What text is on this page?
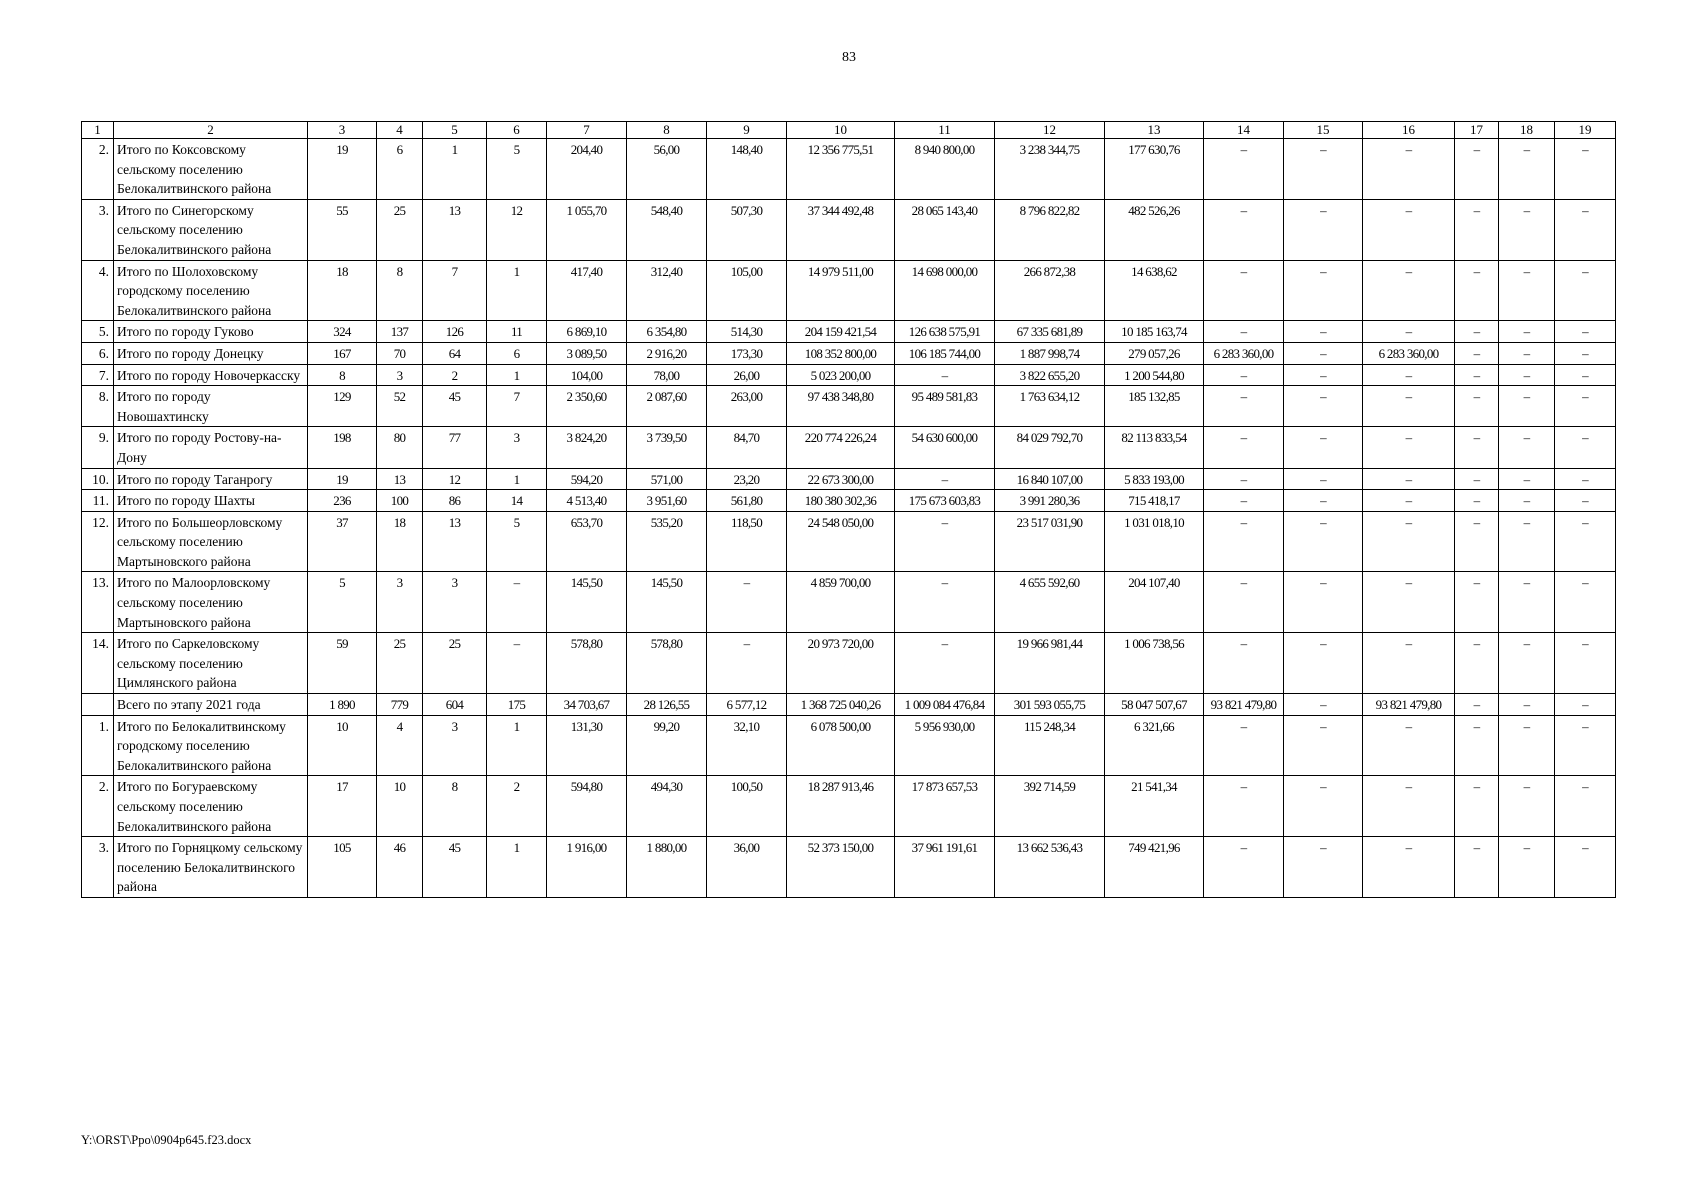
83
1	2	3	4	5	6	7	8	9	10	11	12	13	14	15	16	17	18	19
2.	Итого по Коксовскому сельскому поселению Белокалитвинского района	19	6	1	5	204,40	56,00	148,40	12 356 775,51	8 940 800,00	3 238 344,75	177 630,76	–	–	–	–	–	–
3.	Итого по Синегорскому сельскому поселению Белокалитвинского района	55	25	13	12	1 055,70	548,40	507,30	37 344 492,48	28 065 143,40	8 796 822,82	482 526,26	–	–	–	–	–	–
4.	Итого по Шолоховскому городскому поселению Белокалитвинского района	18	8	7	1	417,40	312,40	105,00	14 979 511,00	14 698 000,00	266 872,38	14 638,62	–	–	–	–	–	–
5.	Итого по городу Гуково	324	137	126	11	6 869,10	6 354,80	514,30	204 159 421,54	126 638 575,91	67 335 681,89	10 185 163,74	–	–	–	–	–	–
6.	Итого по городу Донецку	167	70	64	6	3 089,50	2 916,20	173,30	108 352 800,00	106 185 744,00	1 887 998,74	279 057,26	6 283 360,00	–	6 283 360,00	–	–	–
7.	Итого по городу Новочеркасску	8	3	2	1	104,00	78,00	26,00	5 023 200,00	–	3 822 655,20	1 200 544,80	–	–	–	–	–	–
8.	Итого по городу Новошахтинску	129	52	45	7	2 350,60	2 087,60	263,00	97 438 348,80	95 489 581,83	1 763 634,12	185 132,85	–	–	–	–	–	–
9.	Итого по городу Ростову-на-Дону	198	80	77	3	3 824,20	3 739,50	84,70	220 774 226,24	54 630 600,00	84 029 792,70	82 113 833,54	–	–	–	–	–	–
10.	Итого по городу Таганрогу	19	13	12	1	594,20	571,00	23,20	22 673 300,00	–	16 840 107,00	5 833 193,00	–	–	–	–	–	–
11.	Итого по городу Шахты	236	100	86	14	4 513,40	3 951,60	561,80	180 380 302,36	175 673 603,83	3 991 280,36	715 418,17	–	–	–	–	–	–
12.	Итого по Большеорловскому сельскому поселению Мартыновского района	37	18	13	5	653,70	535,20	118,50	24 548 050,00	–	23 517 031,90	1 031 018,10	–	–	–	–	–	–
13.	Итого по Малоорловскому сельскому поселению Мартыновского района	5	3	3	–	145,50	145,50	–	4 859 700,00	–	4 655 592,60	204 107,40	–	–	–	–	–	–
14.	Итого по Саркеловскому сельскому поселению Цимлянского района	59	25	25	–	578,80	578,80	–	20 973 720,00	–	19 966 981,44	1 006 738,56	–	–	–	–	–	–
	Всего по этапу 2021 года	1 890	779	604	175	34 703,67	28 126,55	6 577,12	1 368 725 040,26	1 009 084 476,84	301 593 055,75	58 047 507,67	93 821 479,80	–	93 821 479,80	–	–	–
1.	Итого по Белокалитвинскому городскому поселению Белокалитвинского района	10	4	3	1	131,30	99,20	32,10	6 078 500,00	5 956 930,00	115 248,34	6 321,66	–	–	–	–	–	–
2.	Итого по Богураевскому сельскому поселению Белокалитвинского района	17	10	8	2	594,80	494,30	100,50	18 287 913,46	17 873 657,53	392 714,59	21 541,34	–	–	–	–	–	–
3.	Итого по Горняцкому сельскому поселению Белокалитвинского района	105	46	45	1	1 916,00	1 880,00	36,00	52 373 150,00	37 961 191,61	13 662 536,43	749 421,96	–	–	–	–	–	–
Y:\ORST\Ppo\0904p645.f23.docx
